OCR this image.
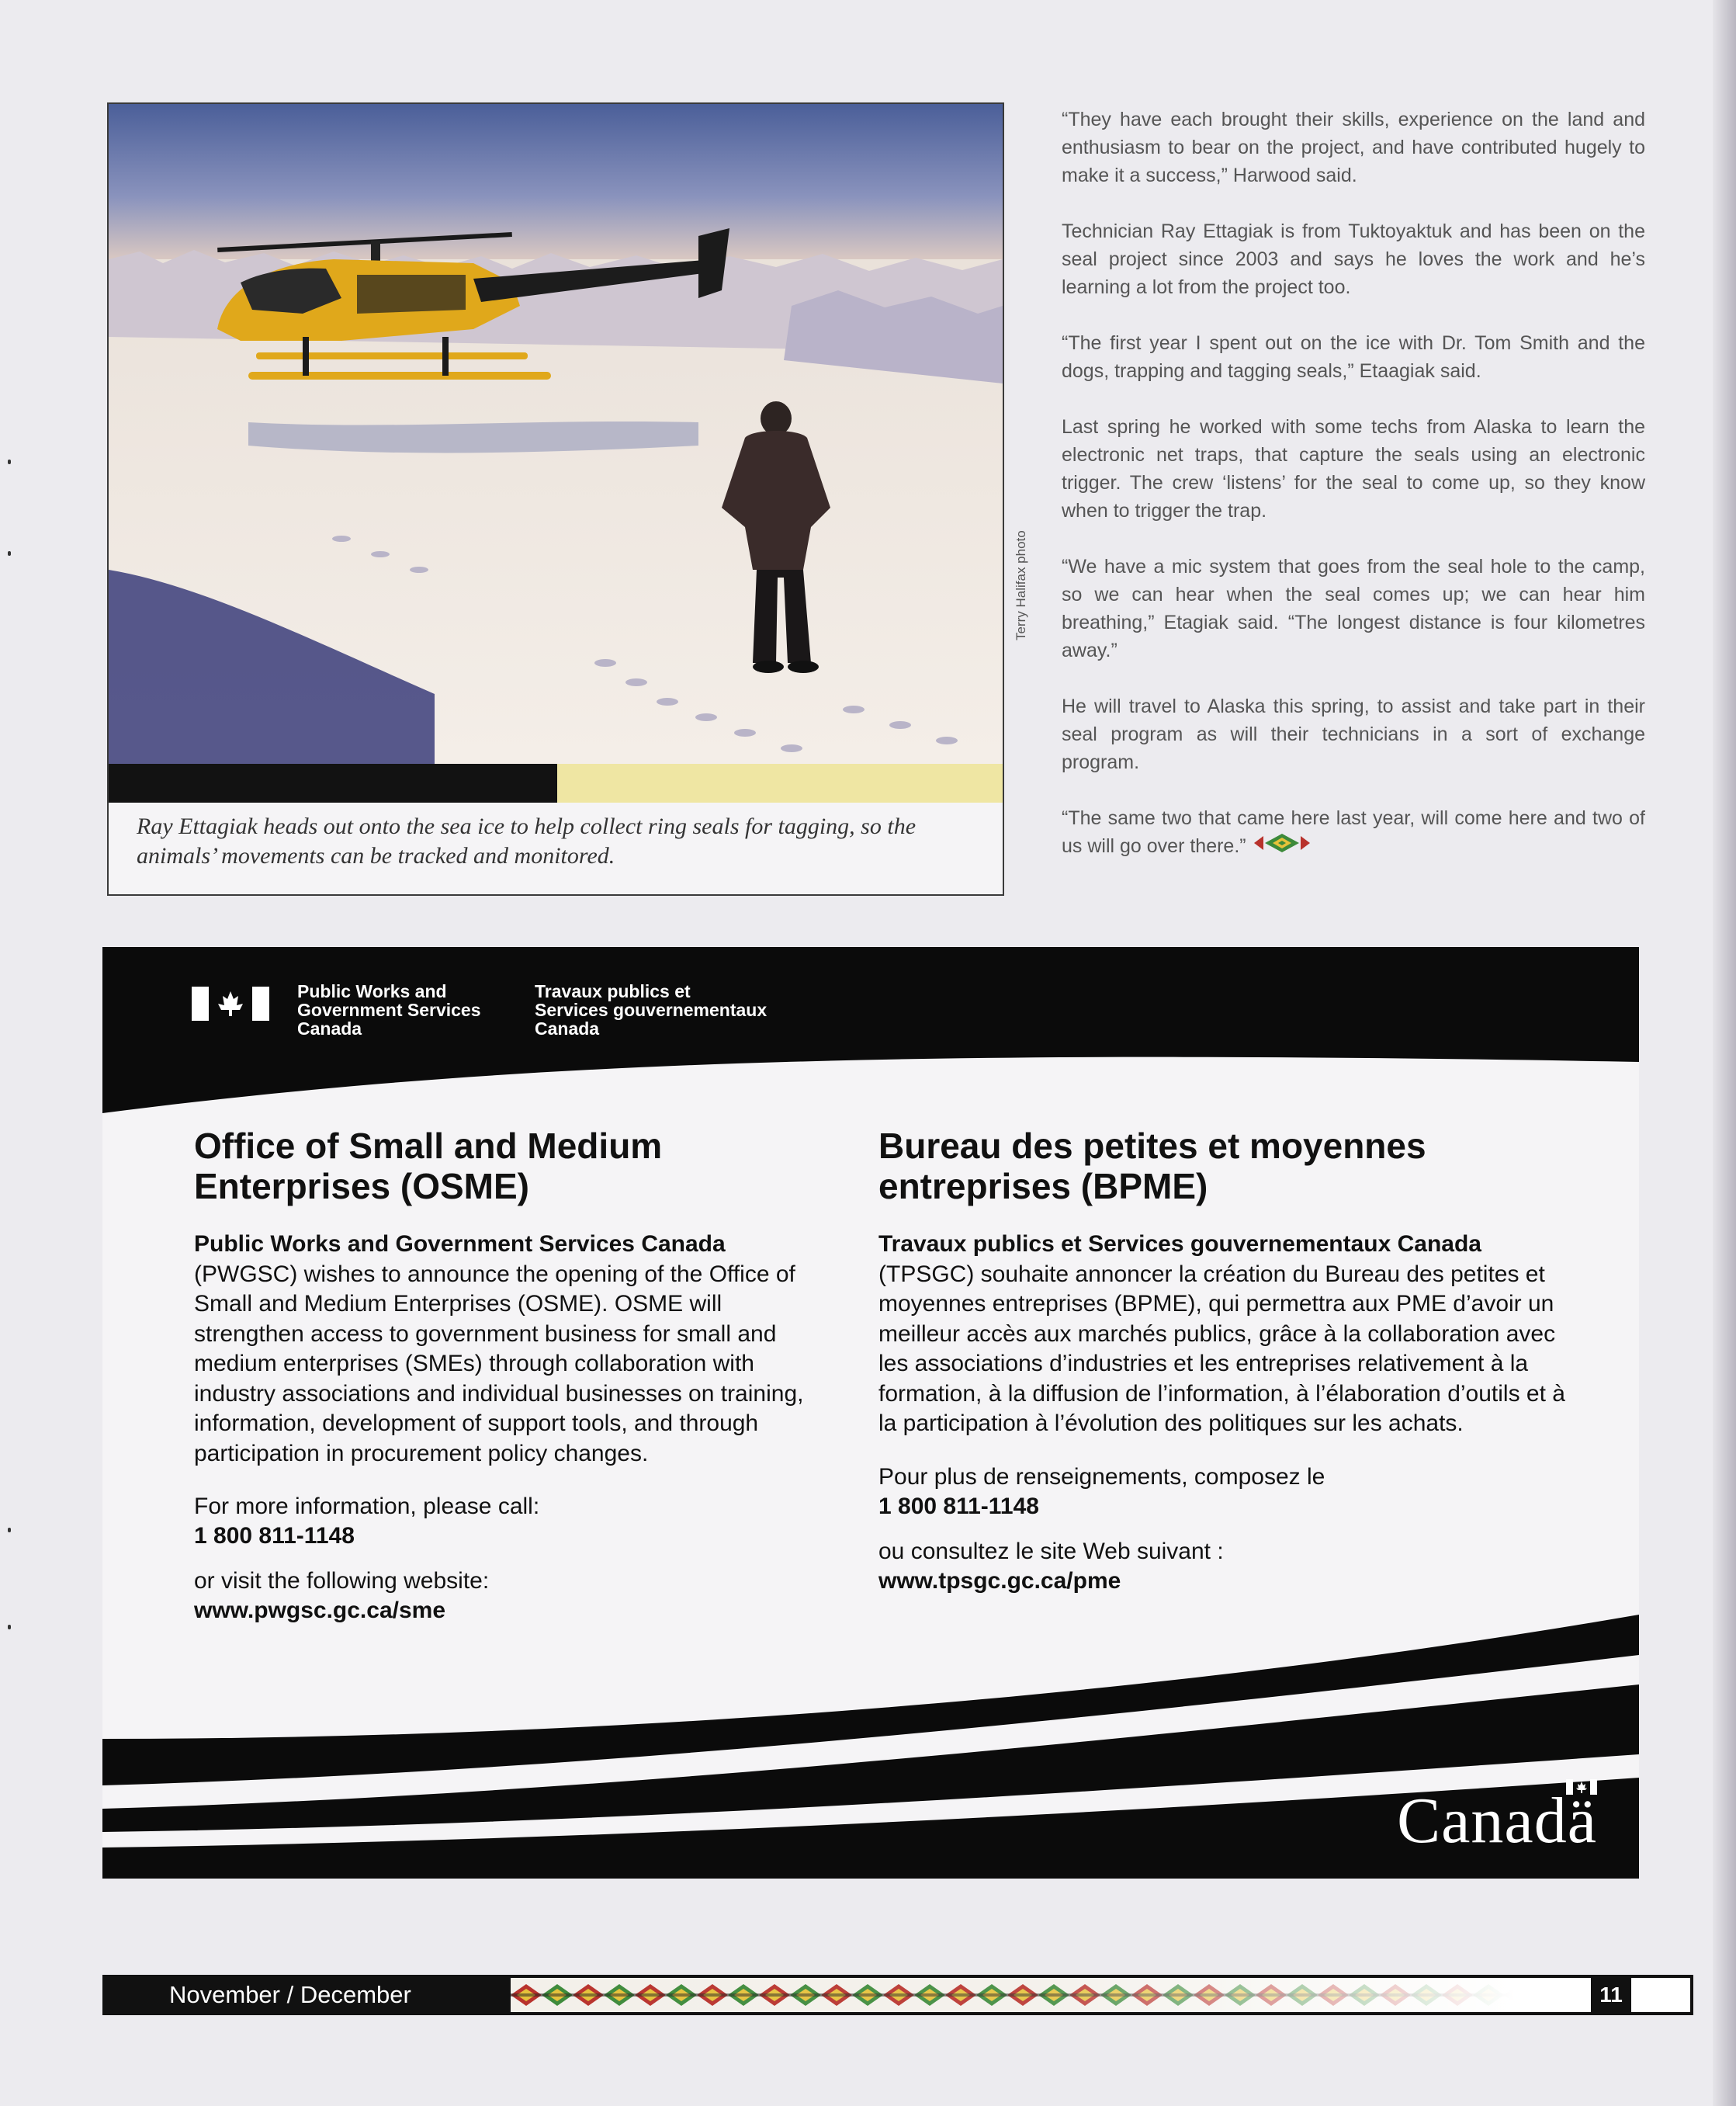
Ray Ettagiak heads out onto the sea ice to help collect ring seals for tagging, so the animals’ movements can be tracked and monitored.

Terry Halifax photo

“They have each brought their skills, experience on the land and enthusiasm to bear on the project, and have contributed hugely to make it a success,” Harwood said.

Technician Ray Ettagiak is from Tuktoyaktuk and has been on the seal project since 2003 and says he loves the work and he’s learning a lot from the project too.

“The first year I spent out on the ice with Dr. Tom Smith and the dogs, trapping and tagging seals,” Etaagiak said.

Last spring he worked with some techs from Alaska to learn the electronic net traps, that capture the seals using an electronic trigger. The crew ‘listens’ for the seal to come up, so they know when to trigger the trap.

“We have a mic system that goes from the seal hole to the camp, so we can hear when the seal comes up; we can hear him breathing,” Etagiak said. “The longest distance is four kilometres away.”

He will travel to Alaska this spring, to assist and take part in their seal program as will their technicians in a sort of exchange program.

“The same two that came here last year, will come here and two of us will go over there.”

Public Works and
Government Services
Canada
Travaux publics et
Services gouvernementaux
Canada
Office of Small and Medium Enterprises (OSME)

Public Works and Government Services Canada (PWGSC) wishes to announce the opening of the Office of Small and Medium Enterprises (OSME). OSME will strengthen access to government business for small and medium enterprises (SMEs) through collaboration with industry associations and individual businesses on training, information, development of support tools, and through participation in procurement policy changes.

For more information, please call:
1 800 811-1148
or visit the following website:
www.pwgsc.gc.ca/sme
Bureau des petites et moyennes entreprises (BPME)

Travaux publics et Services gouvernementaux Canada (TPSGC) souhaite annoncer la création du Bureau des petites et moyennes entreprises (BPME), qui permettra aux PME d’avoir un meilleur accès aux marchés publics, grâce à la collaboration avec les associations d’industries et les entreprises relativement à la formation, à la diffusion de l’information, à l’élaboration d’outils et à la participation à l’évolution des politiques sur les achats.

Pour plus de renseignements, composez le
1 800 811-1148
ou consultez le site Web suivant :
www.tpsgc.gc.ca/pme
Canadä
November / December	11
